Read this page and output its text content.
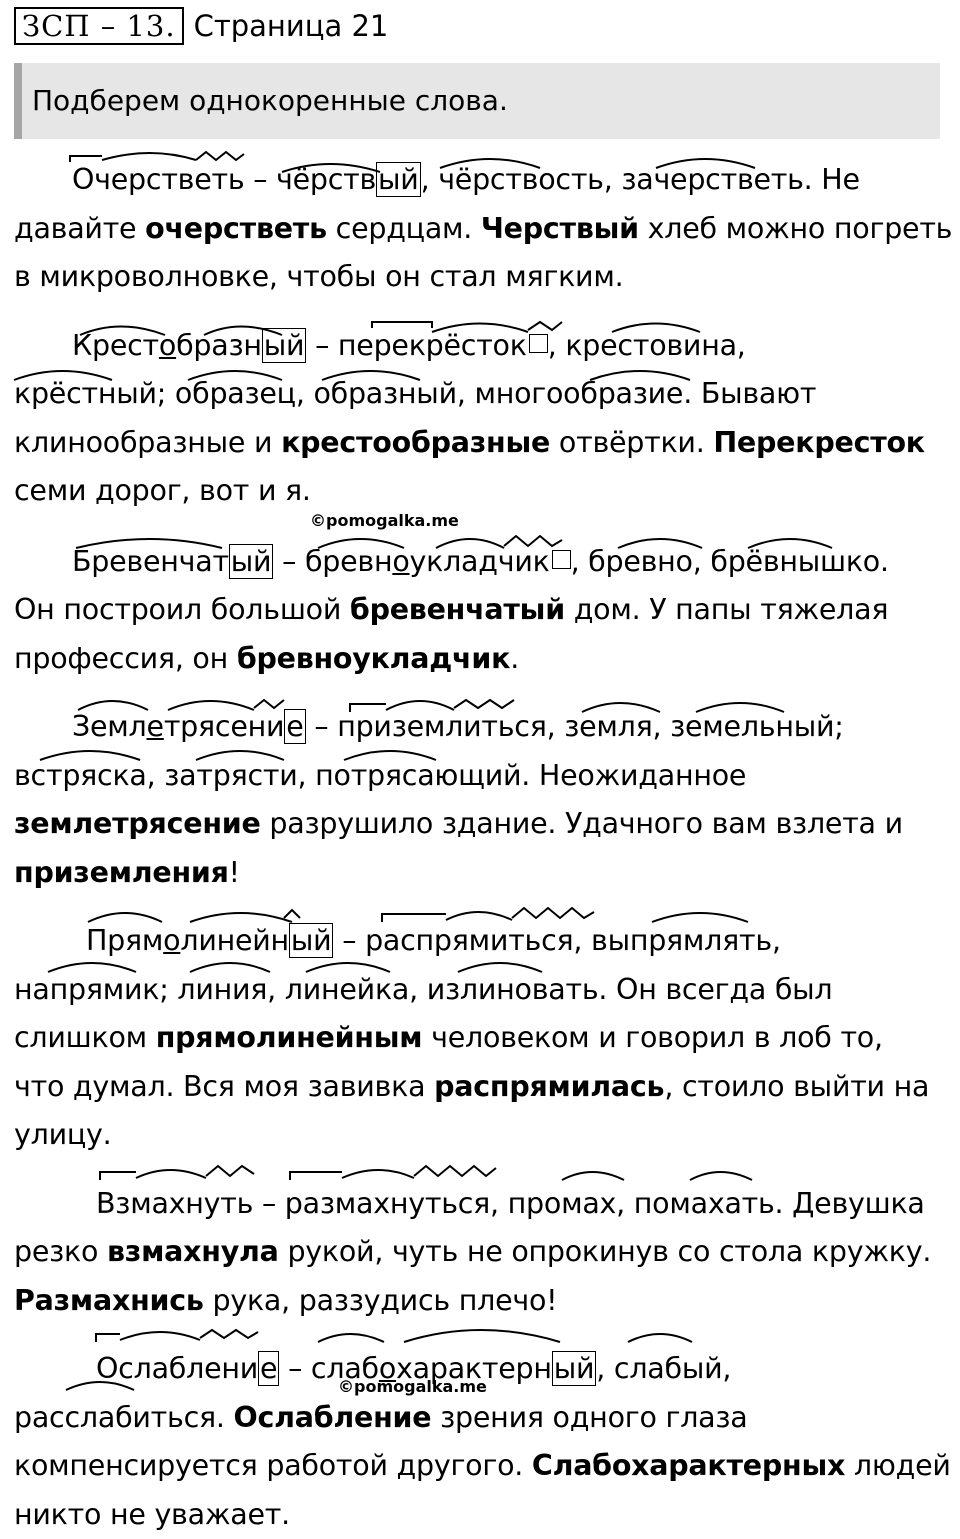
ЗСП – 13. Страница 21
Подберем однокоренные слова.
Очерстветь – чёрствый, чёрствость, зачерстветь. Не
давайте очерстветь сердцам. Черствый хлеб можно погреть
в микроволновке, чтобы он стал мягким.
Крестобразный – перекрёсток , крестовина,
крёстный; образец, образный, многообразие. Бывают
клинообразные и крестообразные отвёртки. Перекресток
семи дорог, вот и я.
Бревенчатый – бревноукладчик , бревно, брёвнышко.
Он построил большой бревенчатый дом. У папы тяжелая
профессия, он бревноукладчик.
Землетрясение – приземлиться, земля, земельный;
встряска, затрясти, потрясающий. Неожиданное
землетрясение разрушило здание. Удачного вам взлета и
приземления!
Прямолинейный – распрямиться, выпрямлять,
напрямик; линия, линейка, излиновать. Он всегда был
слишком прямолинейным человеком и говорил в лоб то,
что думал. Вся моя завивка распрямилась, стоило выйти на
улицу.
Взмахнуть – размахнуться, промах, помахать. Девушка
резко взмахнула рукой, чуть не опрокинув со стола кружку.
Размахнись рука, раззудись плечо!
Ослабление – слабохарактерный, слабый,
расслабиться. Ослабление зрения одного глаза
компенсируется работой другого. Слабохарактерных людей
никто не уважает.
©pomogalka.me
©pomogalka.me
